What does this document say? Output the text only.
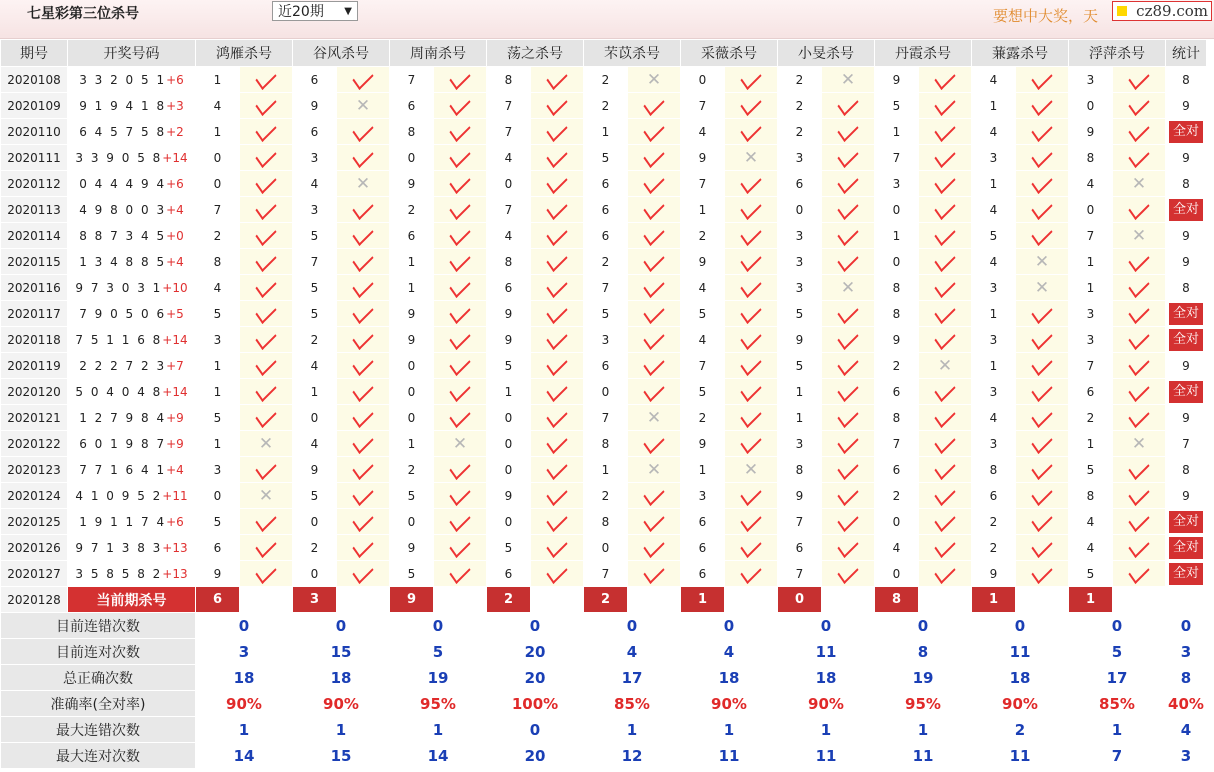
七星彩第三位杀号	近20期 ▼	要想中大奖，天	cz89.com
期号	开奖号码	鸿雁杀号		谷风杀号		周南杀号		荡之杀号		芣苡杀号		采薇杀号		小旻杀号		丹霞杀号		蒹露杀号		浮萍杀号		统计
2020108	3 3 2 0 5 1+6	1		6		7		8		2	✕	0		2	✕	9		4		3		8
2020109	9 1 9 4 1 8+3	4		9	✕	6		7		2		7		2		5		1		0		9
2020110	6 4 5 7 5 8+2	1		6		8		7		1		4		2		1		4		9		全对
2020111	3 3 9 0 5 8+14	0		3		0		4		5		9	✕	3		7		3		8		9
2020112	0 4 4 4 9 4+6	0		4	✕	9		0		6		7		6		3		1		4	✕	8
2020113	4 9 8 0 0 3+4	7		3		2		7		6		1		0		0		4		0		全对
2020114	8 8 7 3 4 5+0	2		5		6		4		6		2		3		1		5		7	✕	9
2020115	1 3 4 8 8 5+4	8		7		1		8		2		9		3		0		4	✕	1		9
2020116	9 7 3 0 3 1+10	4		5		1		6		7		4		3	✕	8		3	✕	1		8
2020117	7 9 0 5 0 6+5	5		5		9		9		5		5		5		8		1		3		全对
2020118	7 5 1 1 6 8+14	3		2		9		9		3		4		9		9		3		3		全对
2020119	2 2 2 7 2 3+7	1		4		0		5		6		7		5		2	✕	1		7		9
2020120	5 0 4 0 4 8+14	1		1		0		1		0		5		1		6		3		6		全对
2020121	1 2 7 9 8 4+9	5		0		0		0		7	✕	2		1		8		4		2		9
2020122	6 0 1 9 8 7+9	1	✕	4		1	✕	0		8		9		3		7		3		1	✕	7
2020123	7 7 1 6 4 1+4	3		9		2		0		1	✕	1	✕	8		6		8		5		8
2020124	4 1 0 9 5 2+11	0	✕	5		5		9		2		3		9		2		6		8		9
2020125	1 9 1 1 7 4+6	5		0		0		0		8		6		7		0		2		4		全对
2020126	9 7 1 3 8 3+13	6		2		9		5		0		6		6		4		2		4		全对
2020127	3 5 8 5 8 2+13	9		0		5		6		7		6		7		0		9		5		全对
2020128	当前期杀号	6		3		9		2		2		1		0		8		1		1		
目前连错次数		0		0		0		0		0		0		0		0		0		0		0
目前连对次数		3		15		5		20		4		4		11		8		11		5		3
总正确次数		18		18		19		20		17		18		18		19		18		17		8
准确率(全对率)		90%		90%		95%		100%		85%		90%		90%		95%		90%		85%		40%
最大连错次数		1		1		1		0		1		1		1		1		2		1		4
最大连对次数		14		15		14		20		12		11		11		11		11		7		3
